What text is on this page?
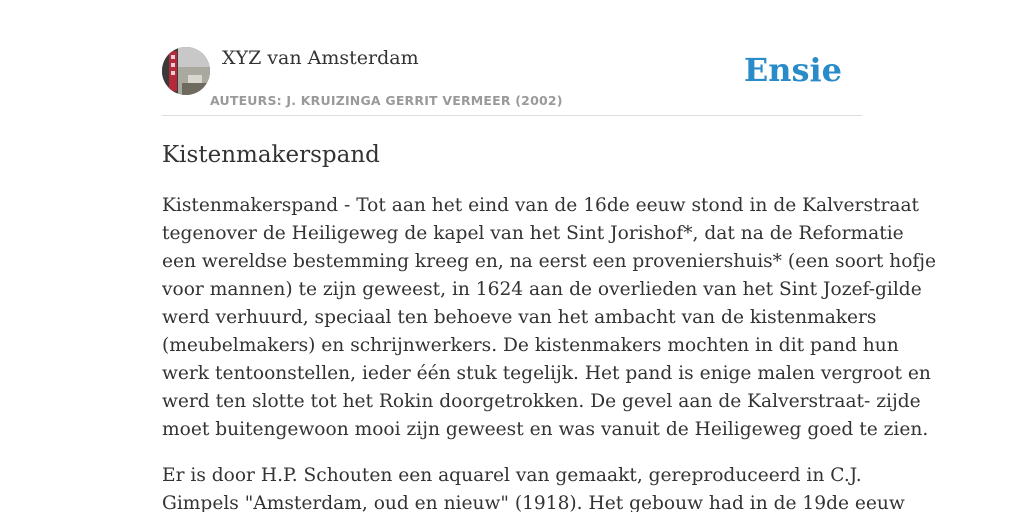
XYZ van Amsterdam
AUTEURS: J. KRUIZINGA GERRIT VERMEER (2002)
Ensie
Kistenmakerspand

Kistenmakerspand - Tot aan het eind van de 16de eeuw stond in de Kalverstraat
tegenover de Heiligeweg de kapel van het Sint Jorishof*, dat na de Reformatie
een wereldse bestemming kreeg en, na eerst een proveniershuis* (een soort hofje
voor mannen) te zijn geweest, in 1624 aan de overlieden van het Sint Jozef-gilde
werd verhuurd, speciaal ten behoeve van het ambacht van de kistenmakers
(meubelmakers) en schrijnwerkers. De kistenmakers mochten in dit pand hun
werk tentoonstellen, ieder één stuk tegelijk. Het pand is enige malen vergroot en
werd ten slotte tot het Rokin doorgetrokken. De gevel aan de Kalverstraat- zijde
moet buitengewoon mooi zijn geweest en was vanuit de Heiligeweg goed te zien.

Er is door H.P. Schouten een aquarel van gemaakt, gereproduceerd in C.J.
Gimpels "Amsterdam, oud en nieuw" (1918). Het gebouw had in de 19de eeuw
